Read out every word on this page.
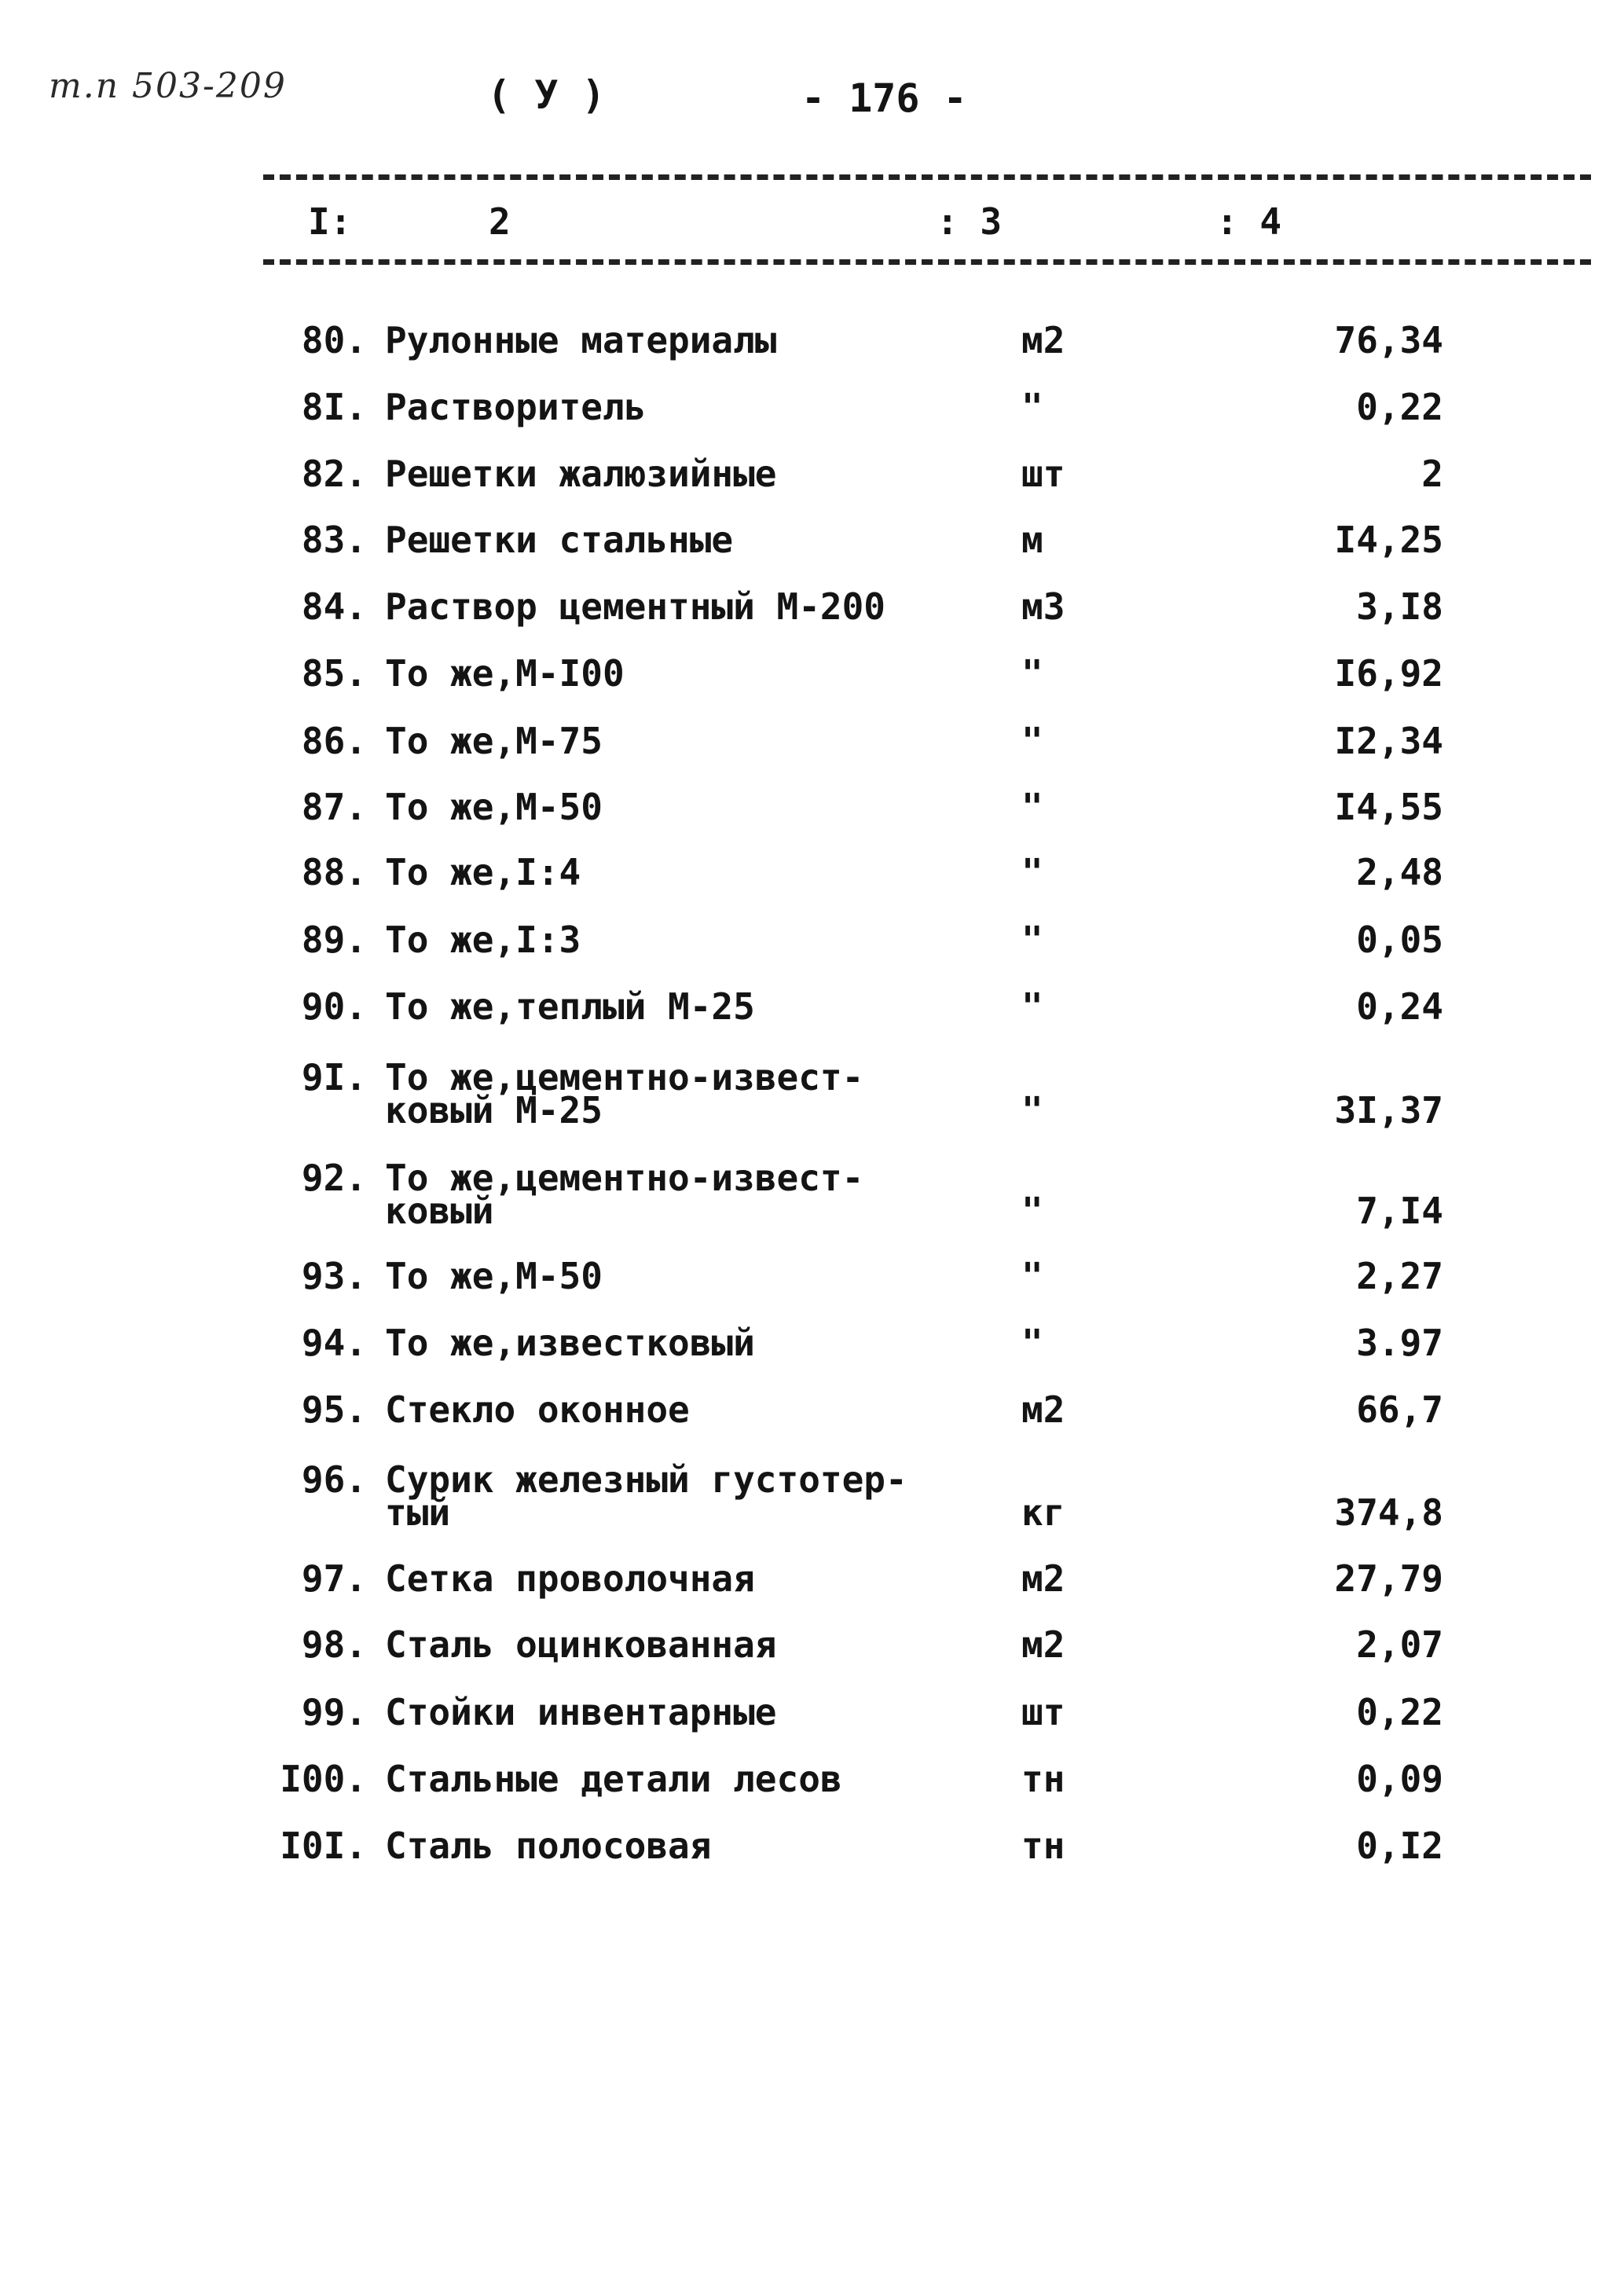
т.п 503-209	( У )	- 176 -
I:	2	: 3	: 4
80. Рулонные материалы	м2	76,34
8I. Растворитель	"	0,22
82. Решетки жалюзийные	шт	2
83. Решетки стальные	м	I4,25
84. Раствор цементный М-200	м3	3,I8
85. То же,М-I00	"	I6,92
86. То же,М-75	"	I2,34
87. То же,М-50	"	I4,55
88. То же,I:4	"	2,48
89. То же,I:3	"	0,05
90. То же,теплый М-25	"	0,24
9I. То же,цементно-извест-
ковый М-25	"	3I,37
92. То же,цементно-извест-
ковый	"	7,I4
93. То же,М-50	"	2,27
94. То же,известковый	"	3.97
95. Стекло оконное	м2	66,7
96. Сурик железный густотер-
тый	кг	374,8
97. Сетка проволочная	м2	27,79
98. Сталь оцинкованная	м2	2,07
99. Стойки инвентарные	шт	0,22
I00. Стальные детали лесов	тн	0,09
I0I. Сталь полосовая	тн	0,I2
